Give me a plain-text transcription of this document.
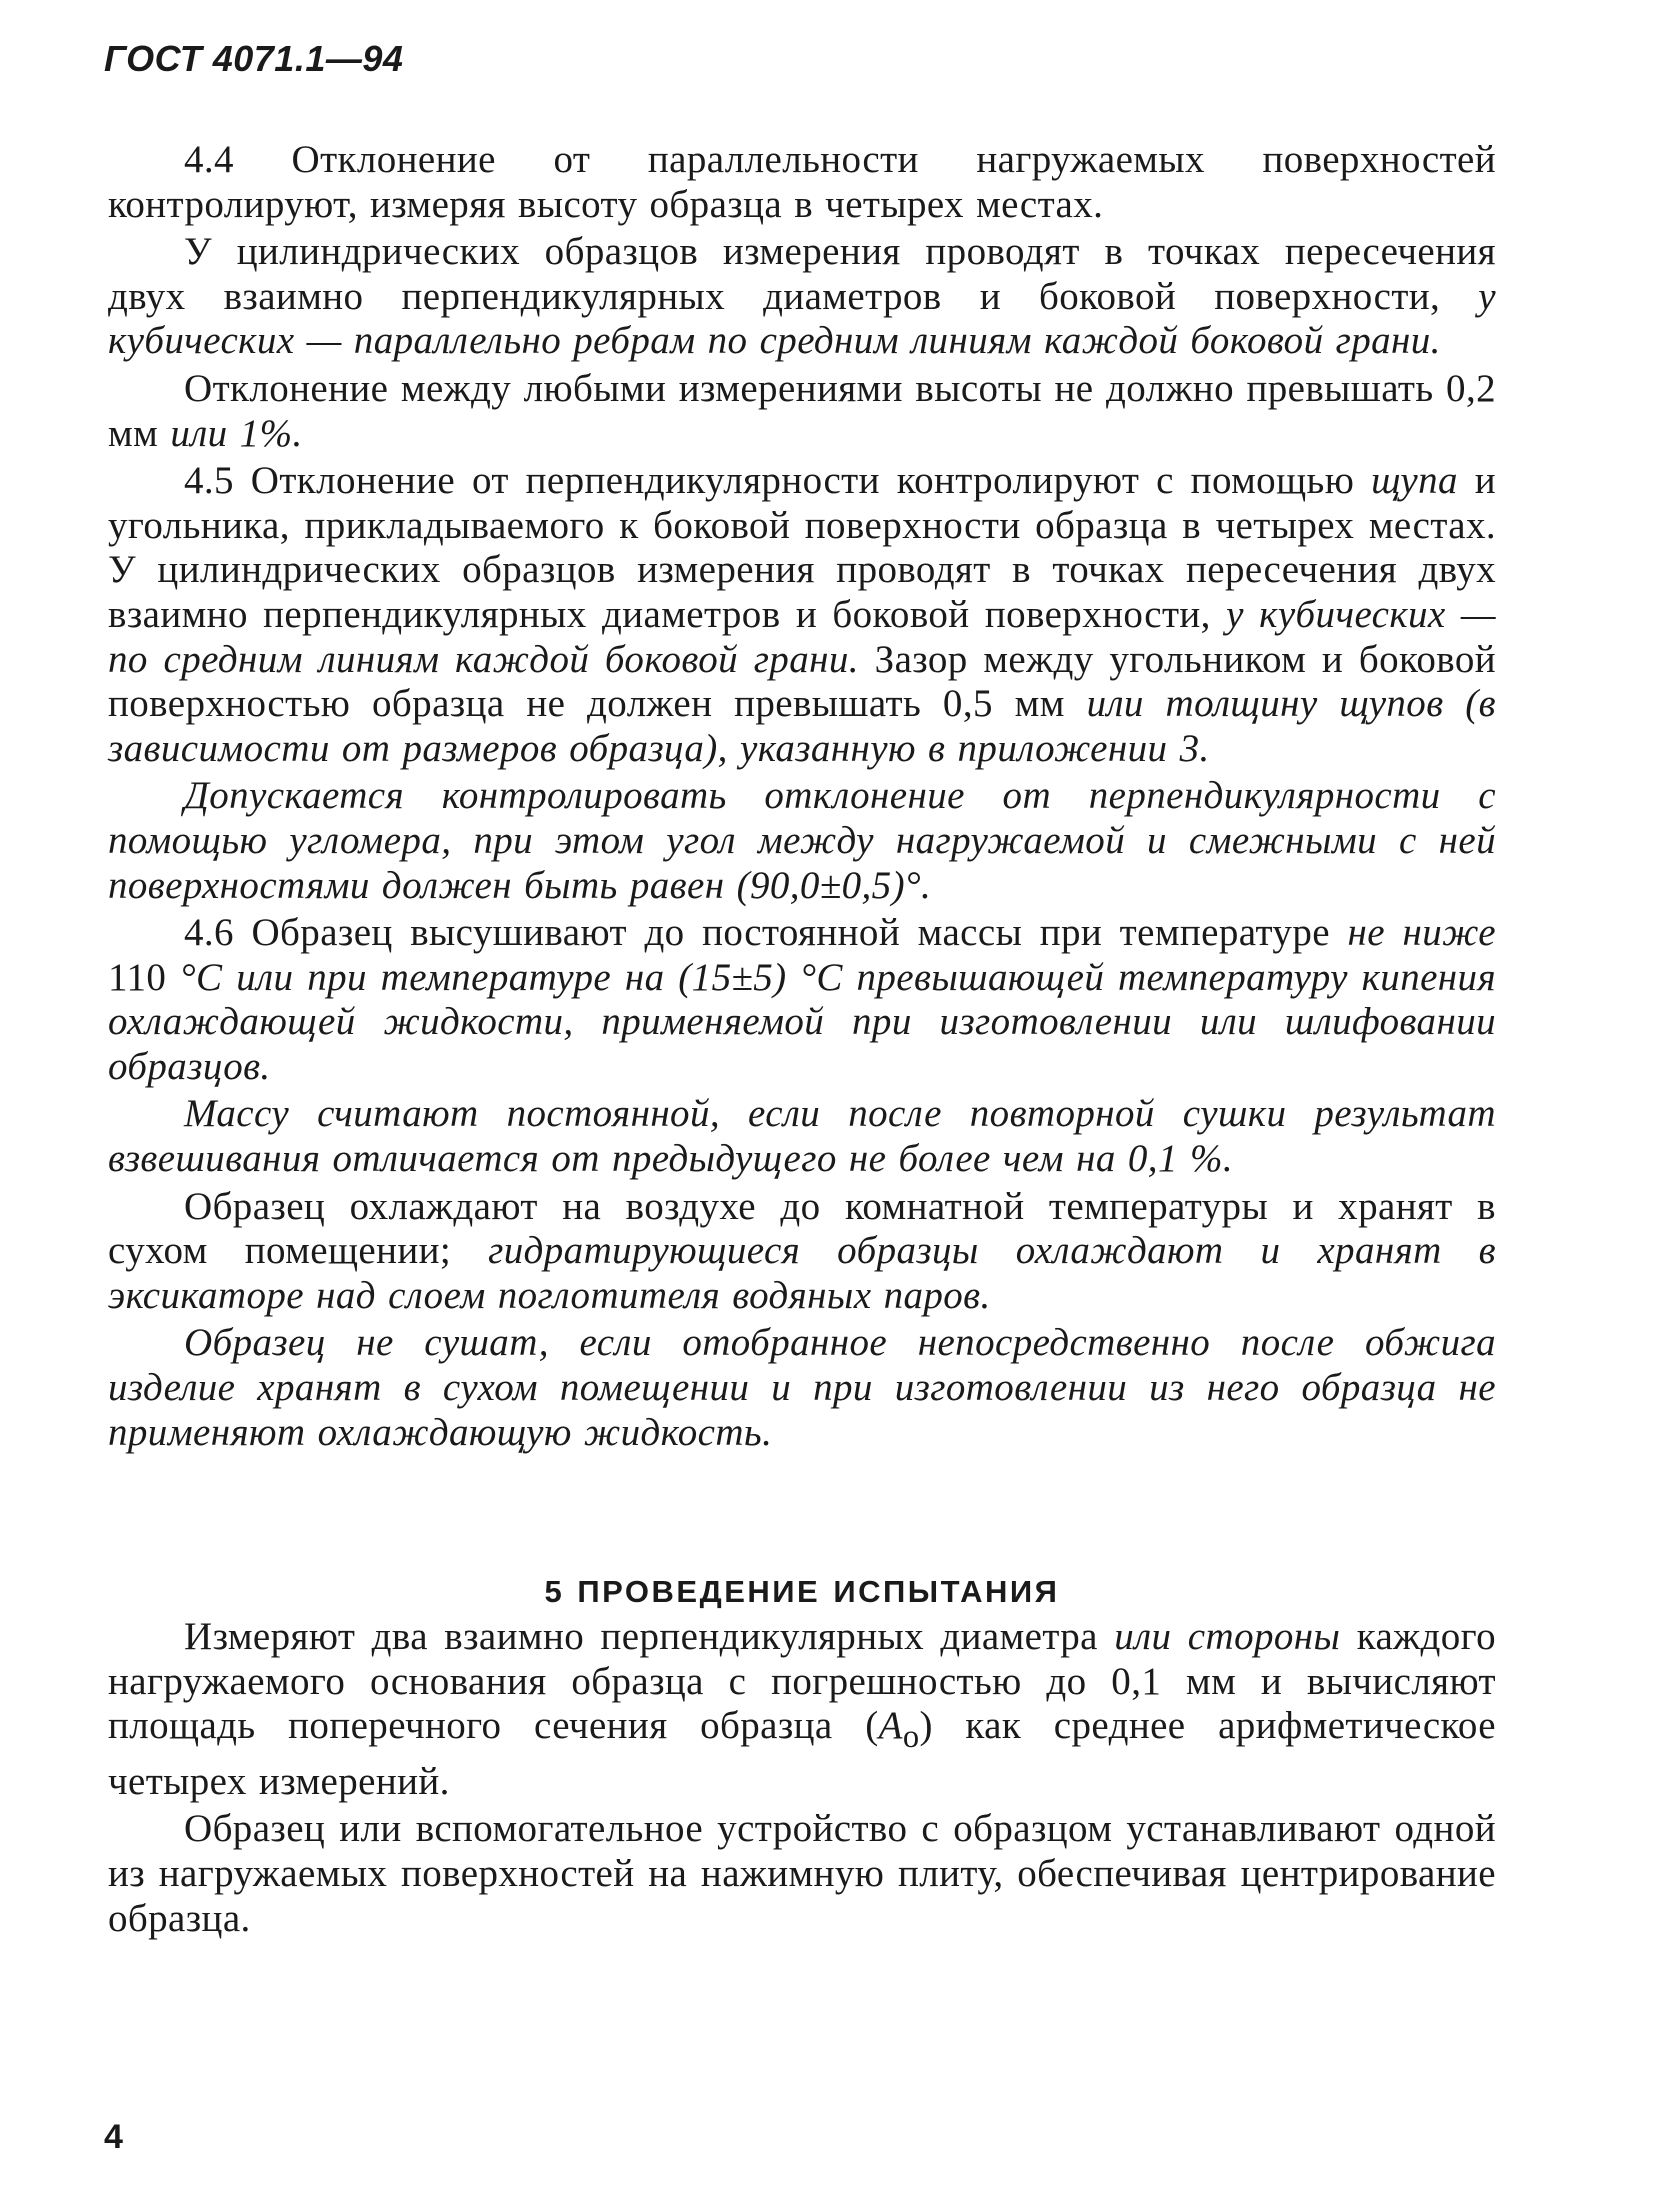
ГОСТ 4071.1—94

4.4 Отклонение от параллельности нагружаемых поверхностей контролируют, измеряя высоту образца в четырех местах.

У цилиндрических образцов измерения проводят в точках пересечения двух взаимно перпендикулярных диаметров и боковой поверхности, у кубических — параллельно ребрам по средним линиям каждой боковой грани.

Отклонение между любыми измерениями высоты не должно превышать 0,2 мм или 1%.

4.5 Отклонение от перпендикулярности контролируют с помощью щупа и угольника, прикладываемого к боковой поверхности образца в четырех местах. У цилиндрических образцов измерения проводят в точках пересечения двух взаимно перпендикулярных диаметров и боковой поверхности, у кубических — по средним линиям каждой боковой грани. Зазор между угольником и боковой поверхностью образца не должен превышать 0,5 мм или толщину щупов (в зависимости от размеров образца), указанную в приложении 3.

Допускается контролировать отклонение от перпендикулярности с помощью угломера, при этом угол между нагружаемой и смежными с ней поверхностями должен быть равен (90,0±0,5)°.

4.6 Образец высушивают до постоянной массы при температуре не ниже 110 °С или при температуре на (15±5) °С превышающей температуру кипения охлаждающей жидкости, применяемой при изготовлении или шлифовании образцов.

Массу считают постоянной, если после повторной сушки результат взвешивания отличается от предыдущего не более чем на 0,1 %.

Образец охлаждают на воздухе до комнатной температуры и хранят в сухом помещении; гидратирующиеся образцы охлаждают и хранят в эксикаторе над слоем поглотителя водяных паров.

Образец не сушат, если отобранное непосредственно после обжига изделие хранят в сухом помещении и при изготовлении из него образца не применяют охлаждающую жидкость.

5 ПРОВЕДЕНИЕ ИСПЫТАНИЯ

Измеряют два взаимно перпендикулярных диаметра или стороны каждого нагружаемого основания образца с погрешностью до 0,1 мм и вычисляют площадь поперечного сечения образца $(A_о)$ как среднее арифметическое четырех измерений.

Образец или вспомогательное устройство с образцом устанавливают одной из нагружаемых поверхностей на нажимную плиту, обеспечивая центрирование образца.

4
